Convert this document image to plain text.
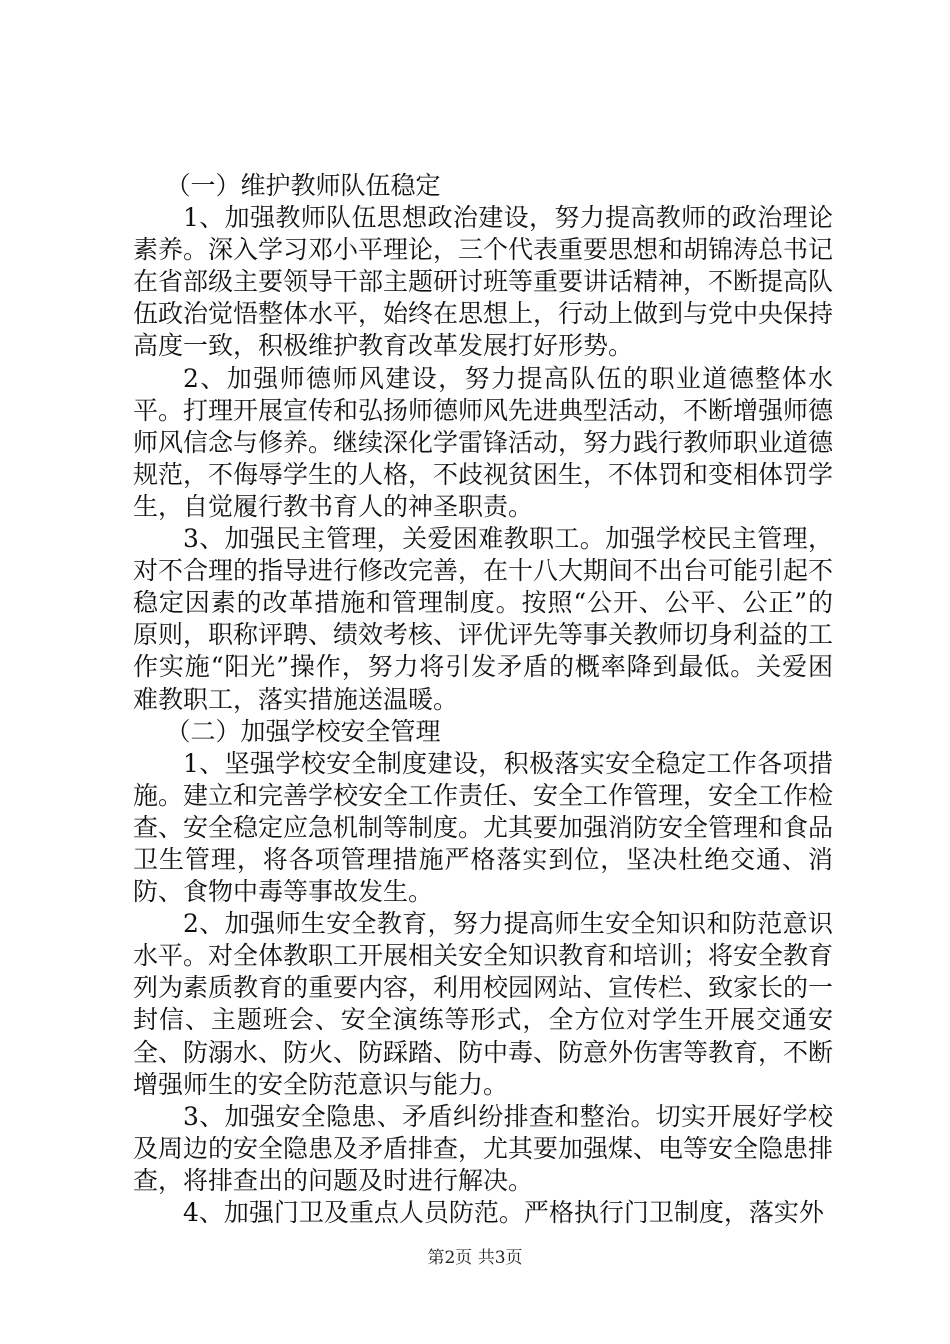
（一）维护教师队伍稳定

1、加强教师队伍思想政治建设，努力提高教师的政治理论素养。深入学习邓小平理论，三个代表重要思想和胡锦涛总书记在省部级主要领导干部主题研讨班等重要讲话精神，不断提高队伍政治觉悟整体水平，始终在思想上，行动上做到与党中央保持高度一致，积极维护教育改革发展打好形势。

2、加强师德师风建设，努力提高队伍的职业道德整体水平。打理开展宣传和弘扬师德师风先进典型活动，不断增强师德师风信念与修养。继续深化学雷锋活动，努力践行教师职业道德规范，不侮辱学生的人格，不歧视贫困生，不体罚和变相体罚学生，自觉履行教书育人的神圣职责。

3、加强民主管理，关爱困难教职工。加强学校民主管理，对不合理的指导进行修改完善，在十八大期间不出台可能引起不稳定因素的改革措施和管理制度。按照“公开、公平、公正”的原则，职称评聘、绩效考核、评优评先等事关教师切身利益的工作实施“阳光”操作，努力将引发矛盾的概率降到最低。关爱困难教职工，落实措施送温暖。

（二）加强学校安全管理

1、坚强学校安全制度建设，积极落实安全稳定工作各项措施。建立和完善学校安全工作责任、安全工作管理，安全工作检查、安全稳定应急机制等制度。尤其要加强消防安全管理和食品卫生管理，将各项管理措施严格落实到位，坚决杜绝交通、消防、食物中毒等事故发生。

2、加强师生安全教育，努力提高师生安全知识和防范意识水平。对全体教职工开展相关安全知识教育和培训；将安全教育列为素质教育的重要内容，利用校园网站、宣传栏、致家长的一封信、主题班会、安全演练等形式，全方位对学生开展交通安全、防溺水、防火、防踩踏、防中毒、防意外伤害等教育，不断增强师生的安全防范意识与能力。

3、加强安全隐患、矛盾纠纷排查和整治。切实开展好学校及周边的安全隐患及矛盾排查，尤其要加强煤、电等安全隐患排查，将排查出的问题及时进行解决。

4、加强门卫及重点人员防范。严格执行门卫制度，落实外

第2页 共3页
